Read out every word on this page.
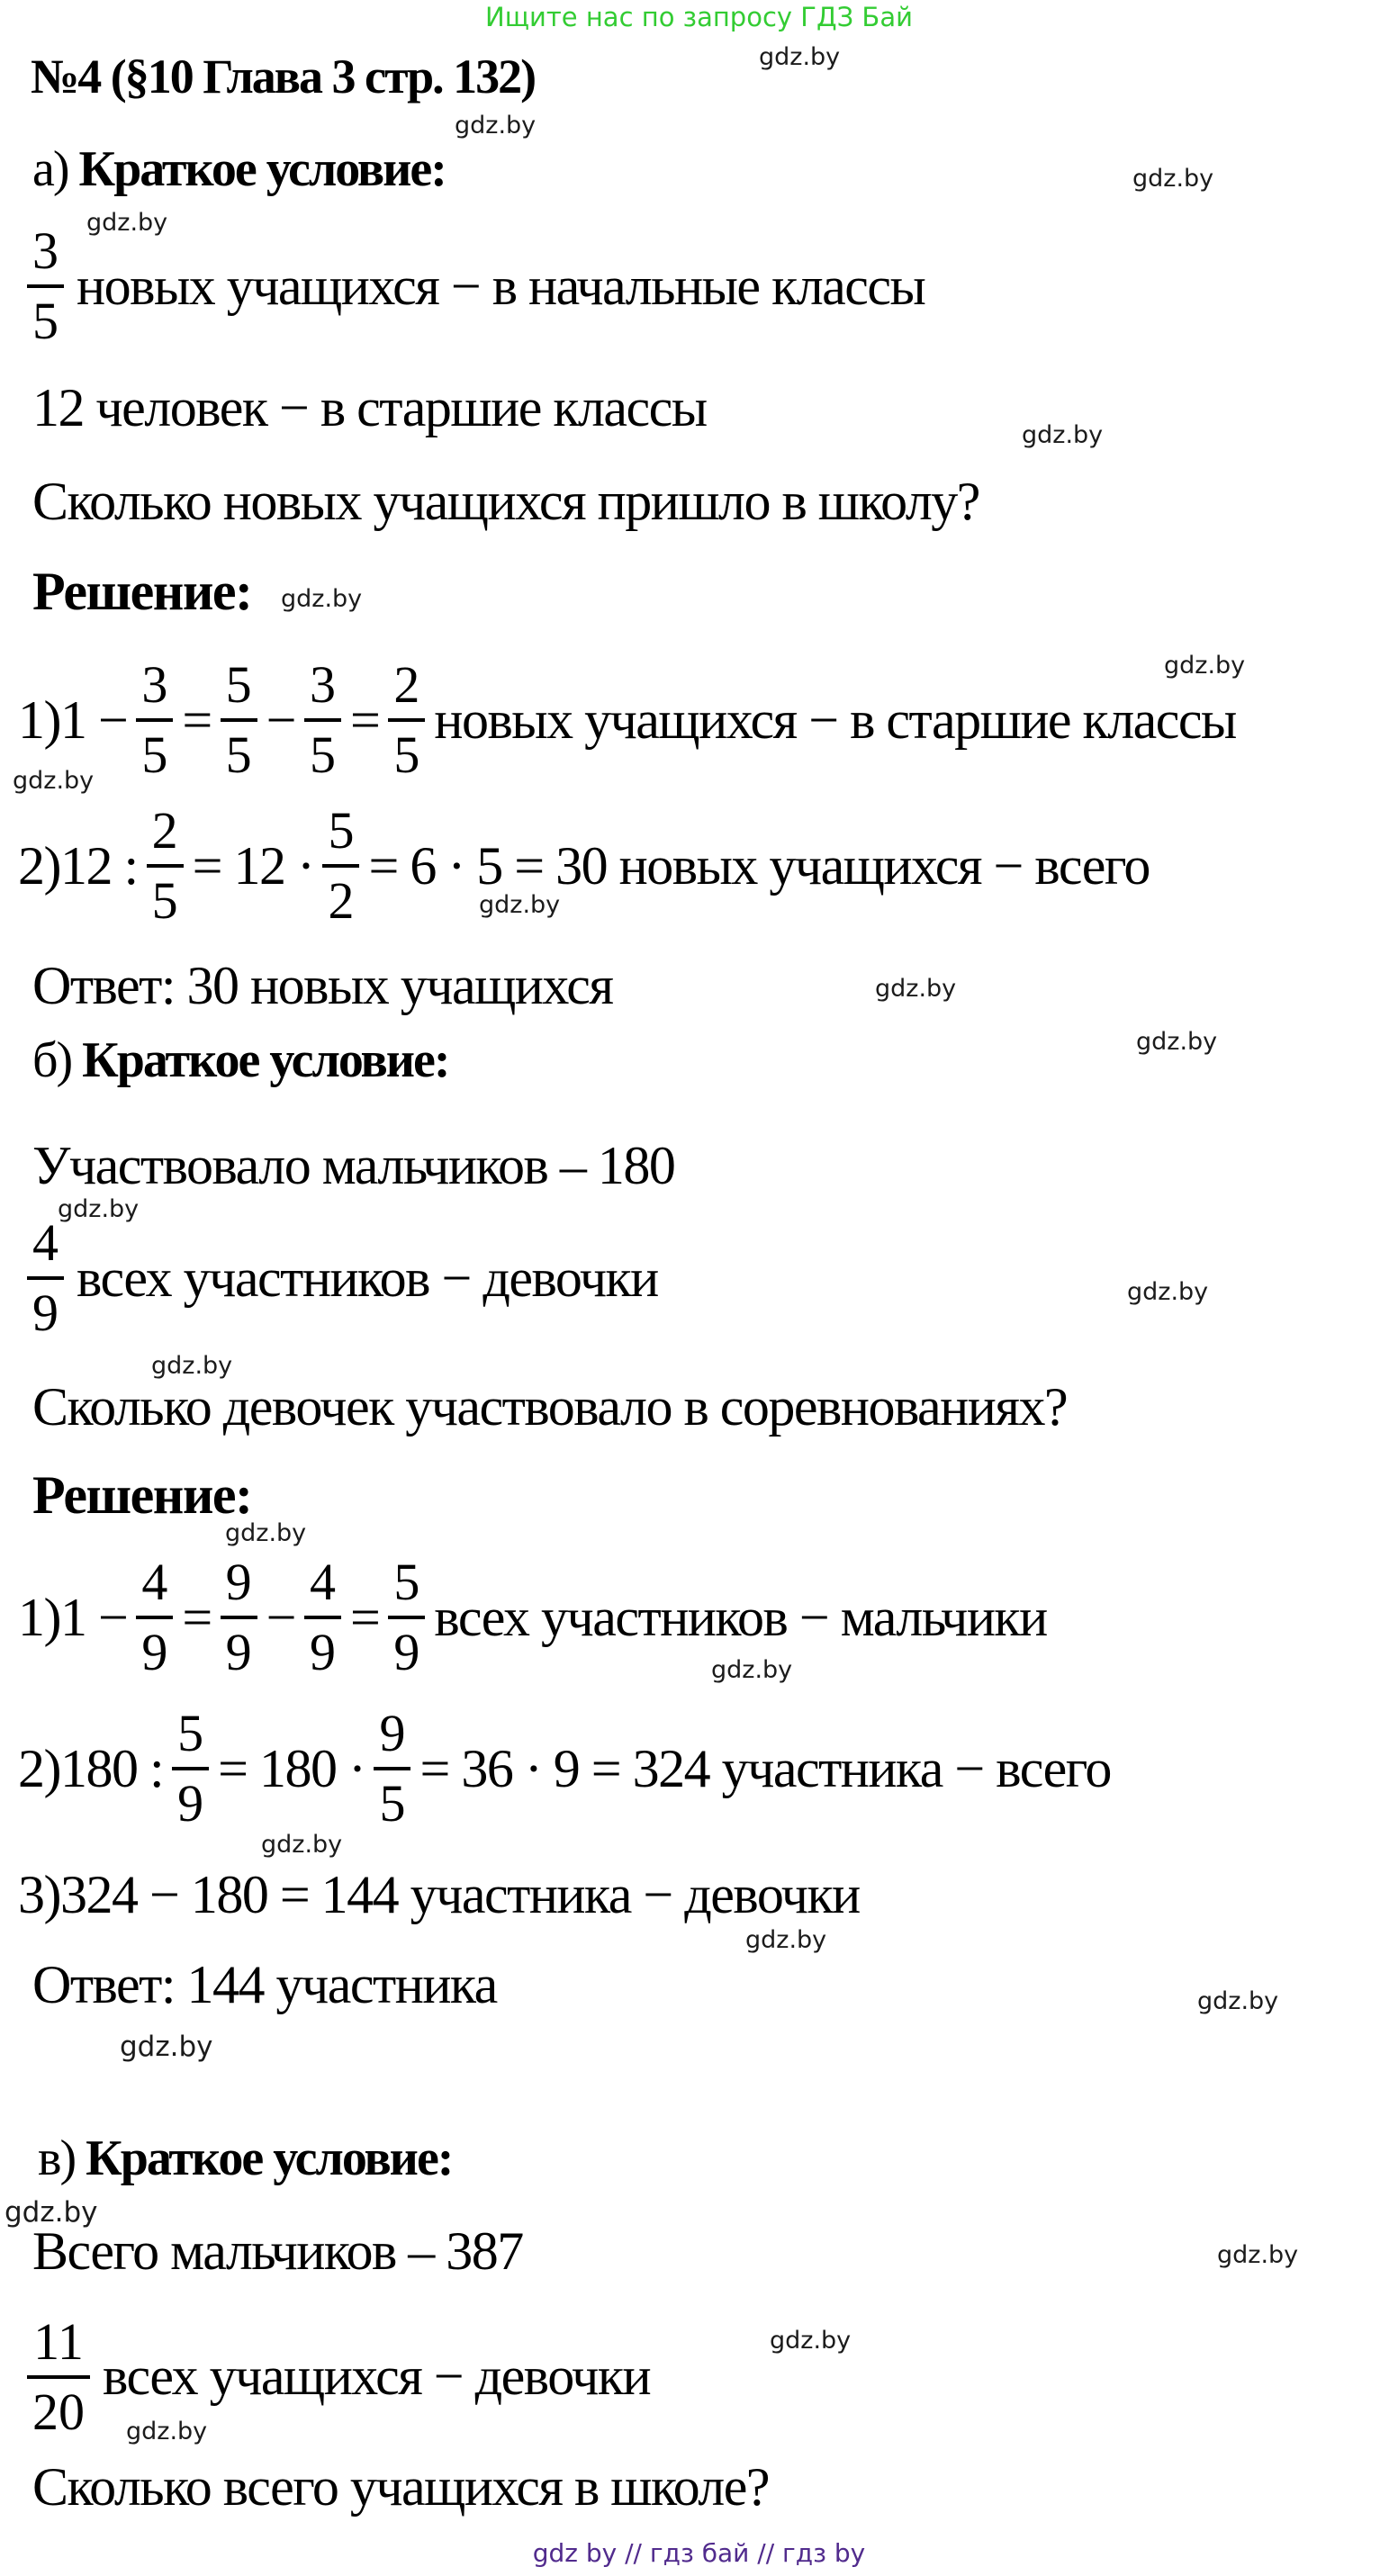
Ищите нас по запросу ГДЗ Бай
№4 (§10 Глава 3 стр. 132)	gdz.by
gdz.by
gdz.by
gdz.by
gdz.by
gdz.by
gdz.by
gdz.by
gdz.by
gdz.by
gdz.by
gdz.by
gdz.by
gdz.by
gdz.by
gdz.by
gdz.by
gdz.by
gdz.by
gdz.by
gdz.by
gdz.by
gdz.by
gdz.by
а) Краткое условие:
$\frac{3}{5}$ новых учащихся − в начальные классы
12 человек − в старшие классы
Сколько новых учащихся пришло в школу?
Решение:
$1)1 - \frac{3}{5} = \frac{5}{5} - \frac{3}{5} = \frac{2}{5}$ новых учащихся − в старшие классы
2)12 : $\frac{2}{5} = 12 \cdot \frac{5}{2} = 6 \cdot 5 = 30$ новых учащихся − всего
Ответ: 30 новых учащихся
б) Краткое условие:
Участвовало мальчиков – 180
$\frac{4}{9}$ всех участников − девочки
Сколько девочек участвовало в соревнованиях?
Решение:
$1)1 - \frac{4}{9} = \frac{9}{9} - \frac{4}{9} = \frac{5}{9}$ всех участников − мальчики
2)180 : $\frac{5}{9} = 180 \cdot \frac{9}{5} = 36 \cdot 9 = 324$ участника − всего
3)324 − 180 = 144 участника − девочки
Ответ: 144 участника
в) Краткое условие:
Всего мальчиков – 387
$\frac{11}{20}$ всех учащихся − девочки
Сколько всего учащихся в школе?
gdz by // гдз бай // гдз by
